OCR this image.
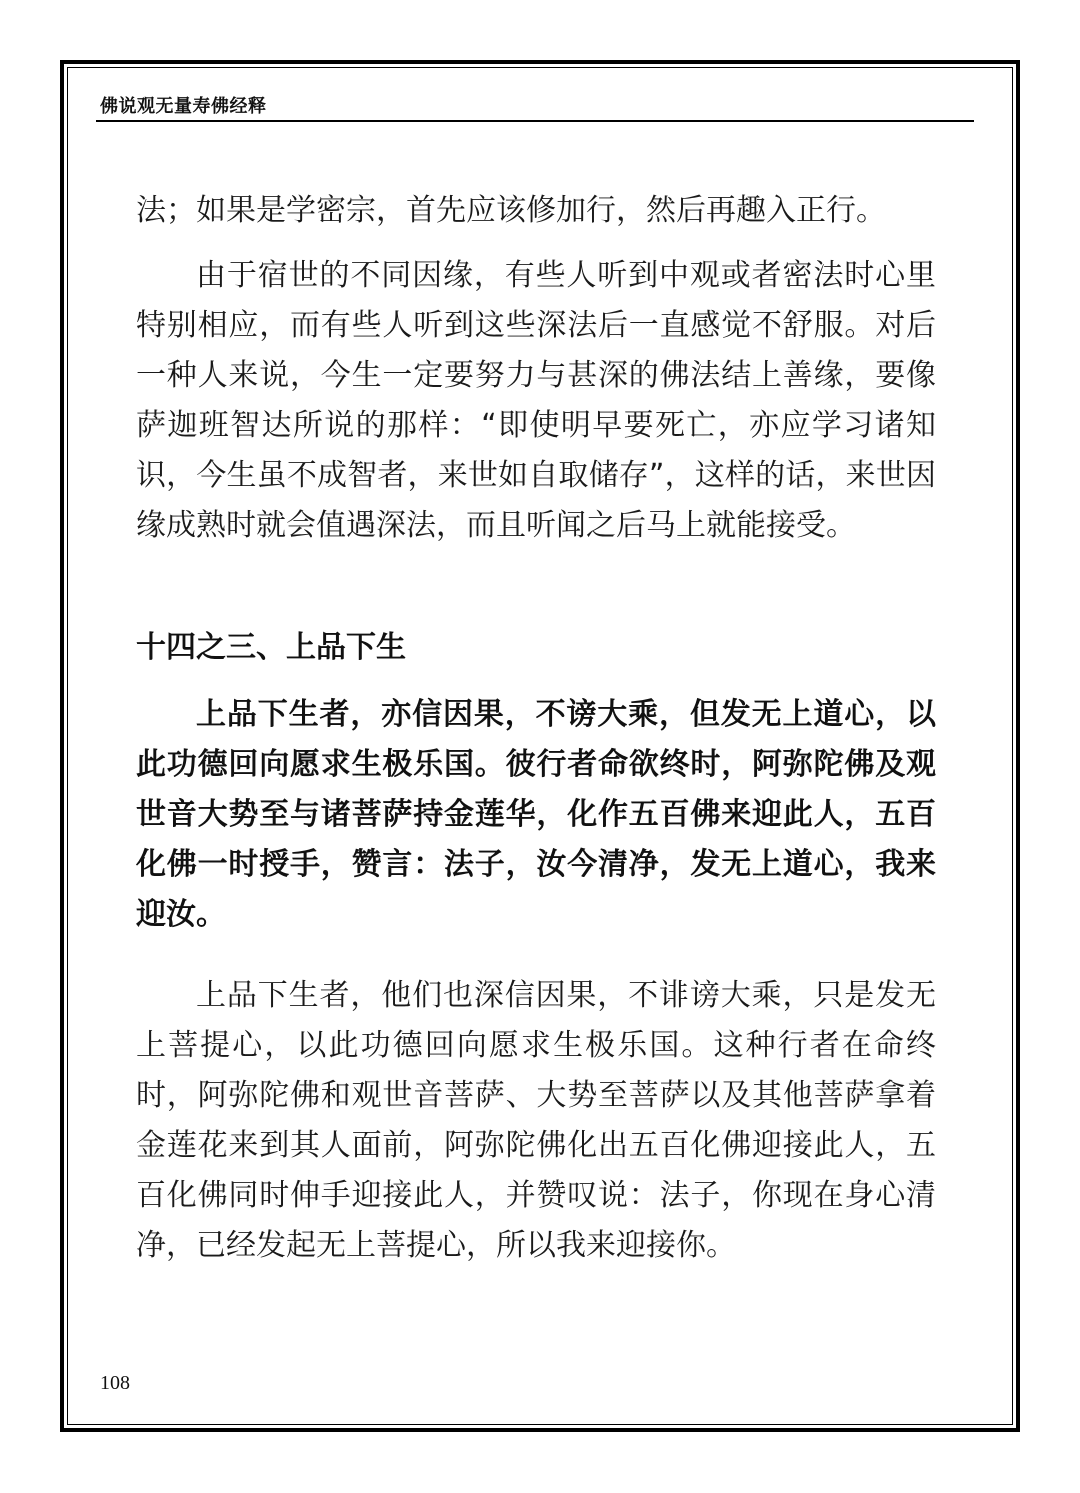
佛说观无量寿佛经释

法；如果是学密宗，首先应该修加行，然后再趣入正行。

由于宿世的不同因缘，有些人听到中观或者密法时心里特别相应，而有些人听到这些深法后一直感觉不舒服。对后一种人来说，今生一定要努力与甚深的佛法结上善缘，要像萨迦班智达所说的那样：“即使明早要死亡，亦应学习诸知识，今生虽不成智者，来世如自取储存”，这样的话，来世因缘成熟时就会值遇深法，而且听闻之后马上就能接受。

十四之三、上品下生

上品下生者，亦信因果，不谤大乘，但发无上道心，以此功德回向愿求生极乐国。彼行者命欲终时，阿弥陀佛及观世音大势至与诸菩萨持金莲华，化作五百佛来迎此人，五百化佛一时授手，赞言：法子，汝今清净，发无上道心，我来迎汝。

上品下生者，他们也深信因果，不诽谤大乘，只是发无上菩提心，以此功德回向愿求生极乐国。这种行者在命终时，阿弥陀佛和观世音菩萨、大势至菩萨以及其他菩萨拿着金莲花来到其人面前，阿弥陀佛化出五百化佛迎接此人，五百化佛同时伸手迎接此人，并赞叹说：法子，你现在身心清净，已经发起无上菩提心，所以我来迎接你。

108
